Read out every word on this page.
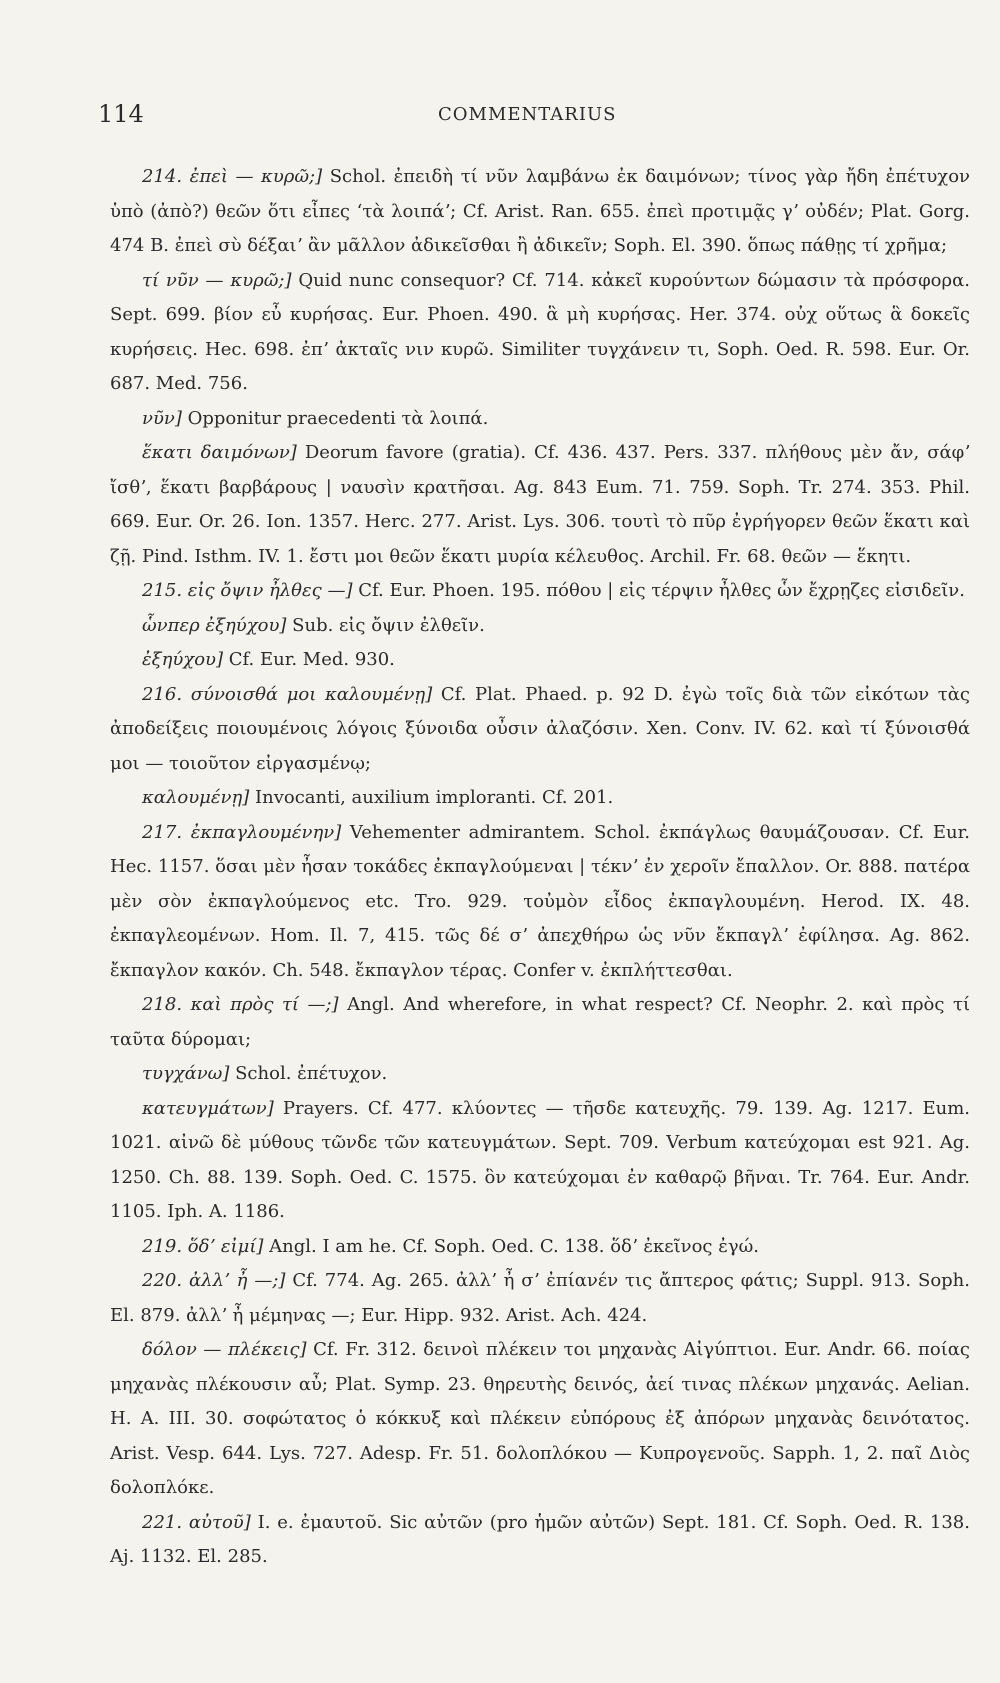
114	COMMENTARIUS

214. ἐπεὶ — κυρῶ;] Schol. ἐπειδὴ τί νῦν λαμβάνω ἐκ δαιμόνων; τίνος γὰρ ἤδη ἐπέτυχον ὑπὸ (ἀπὸ?) θεῶν ὅτι εἶπες ʻτὰ λοιπάʼ; Cf. Arist. Ran. 655. ἐπεὶ προτιμᾷς γʼ οὐδέν; Plat. Gorg. 474 B. ἐπεὶ σὺ δέξαιʼ ἂν μᾶλλον ἀδικεῖσθαι ἢ ἀδικεῖν; Soph. El. 390. ὅπως πάθῃς τί χρῆμα;

τί νῦν — κυρῶ;] Quid nunc consequor? Cf. 714. κἀκεῖ κυρούντων δώμασιν τὰ πρόσφορα. Sept. 699. βίον εὖ κυρήσας. Eur. Phoen. 490. ἃ μὴ κυρήσας. Her. 374. οὐχ οὕτως ἃ δοκεῖς κυρήσεις. Hec. 698. ἐπʼ ἀκταῖς νιν κυρῶ. Similiter τυγχάνειν τι, Soph. Oed. R. 598. Eur. Or. 687. Med. 756.

νῦν] Opponitur praecedenti τὰ λοιπά.

ἕκατι δαιμόνων] Deorum favore (gratia). Cf. 436. 437. Pers. 337. πλήθους μὲν ἄν, σάφʼ ἴσθʼ, ἕκατι βαρβάρους | ναυσὶν κρατῆσαι. Ag. 843 Eum. 71. 759. Soph. Tr. 274. 353. Phil. 669. Eur. Or. 26. Ion. 1357. Herc. 277. Arist. Lys. 306. τουτὶ τὸ πῦρ ἐγρήγορεν θεῶν ἕκατι καὶ ζῇ. Pind. Isthm. IV. 1. ἔστι μοι θεῶν ἕκατι μυρία κέλευθος. Archil. Fr. 68. θεῶν — ἕκητι.

215. εἰς ὄψιν ἦλθες —] Cf. Eur. Phoen. 195. πόθου | εἰς τέρψιν ἦλθες ὧν ἔχρῃζες εἰσιδεῖν.

ὧνπερ ἐξηύχου] Sub. εἰς ὄψιν ἐλθεῖν.

ἐξηύχου] Cf. Eur. Med. 930.

216. σύνοισθά μοι καλουμένῃ] Cf. Plat. Phaed. p. 92 D. ἐγὼ τοῖς διὰ τῶν εἰκότων τὰς ἀποδείξεις ποιουμένοις λόγοις ξύνοιδα οὖσιν ἀλαζόσιν. Xen. Conv. IV. 62. καὶ τί ξύνοισθά μοι — τοιοῦτον εἰργασμένῳ;

καλουμένῃ] Invocanti, auxilium imploranti. Cf. 201.

217. ἐκπαγλουμένην] Vehementer admirantem. Schol. ἐκπάγλως θαυμάζουσαν. Cf. Eur. Hec. 1157. ὅσαι μὲν ἦσαν τοκάδες ἐκπαγλούμεναι | τέκνʼ ἐν χεροῖν ἔπαλλον. Or. 888. πατέρα μὲν σὸν ἐκπαγλούμενος etc. Tro. 929. τοὐμὸν εἶδος ἐκπαγλουμένη. Herod. IX. 48. ἐκπαγλεομένων. Hom. Il. 7, 415. τῶς δέ σʼ ἀπεχθήρω ὡς νῦν ἔκπαγλʼ ἐφίλησα. Ag. 862. ἔκπαγλον κακόν. Ch. 548. ἔκπαγλον τέρας. Confer v. ἐκπλήττεσθαι.

218. καὶ πρὸς τί —;] Angl. And wherefore, in what respect? Cf. Neophr. 2. καὶ πρὸς τί ταῦτα δύρομαι;

τυγχάνω] Schol. ἐπέτυχον.

κατευγμάτων] Prayers. Cf. 477. κλύοντες — τῆσδε κατευχῆς. 79. 139. Ag. 1217. Eum. 1021. αἰνῶ δὲ μύθους τῶνδε τῶν κατευγμάτων. Sept. 709. Verbum κατεύχομαι est 921. Ag. 1250. Ch. 88. 139. Soph. Oed. C. 1575. ὃν κατεύχομαι ἐν καθαρῷ βῆναι. Tr. 764. Eur. Andr. 1105. Iph. A. 1186.

219. ὅδʼ εἰμί] Angl. I am he. Cf. Soph. Oed. C. 138. ὅδʼ ἐκεῖνος ἐγώ.

220. ἀλλʼ ἦ —;] Cf. 774. Ag. 265. ἀλλʼ ἦ σʼ ἐπίανέν τις ἄπτερος φάτις; Suppl. 913. Soph. El. 879. ἀλλʼ ἦ μέμηνας —; Eur. Hipp. 932. Arist. Ach. 424.

δόλον — πλέκεις] Cf. Fr. 312. δεινοὶ πλέκειν τοι μηχανὰς Αἰγύπτιοι. Eur. Andr. 66. ποίας μηχανὰς πλέκουσιν αὖ; Plat. Symp. 23. θηρευτὴς δεινός, ἀεί τινας πλέκων μηχανάς. Aelian. H. A. III. 30. σοφώτατος ὁ κόκκυξ καὶ πλέκειν εὐπόρους ἐξ ἀπόρων μηχανὰς δεινότατος. Arist. Vesp. 644. Lys. 727. Adesp. Fr. 51. δολοπλόκου — Κυπρογενοῦς. Sapph. 1, 2. παῖ Διὸς δολοπλόκε.

221. αὐτοῦ] I. e. ἐμαυτοῦ. Sic αὐτῶν (pro ἡμῶν αὐτῶν) Sept. 181. Cf. Soph. Oed. R. 138. Aj. 1132. El. 285.
